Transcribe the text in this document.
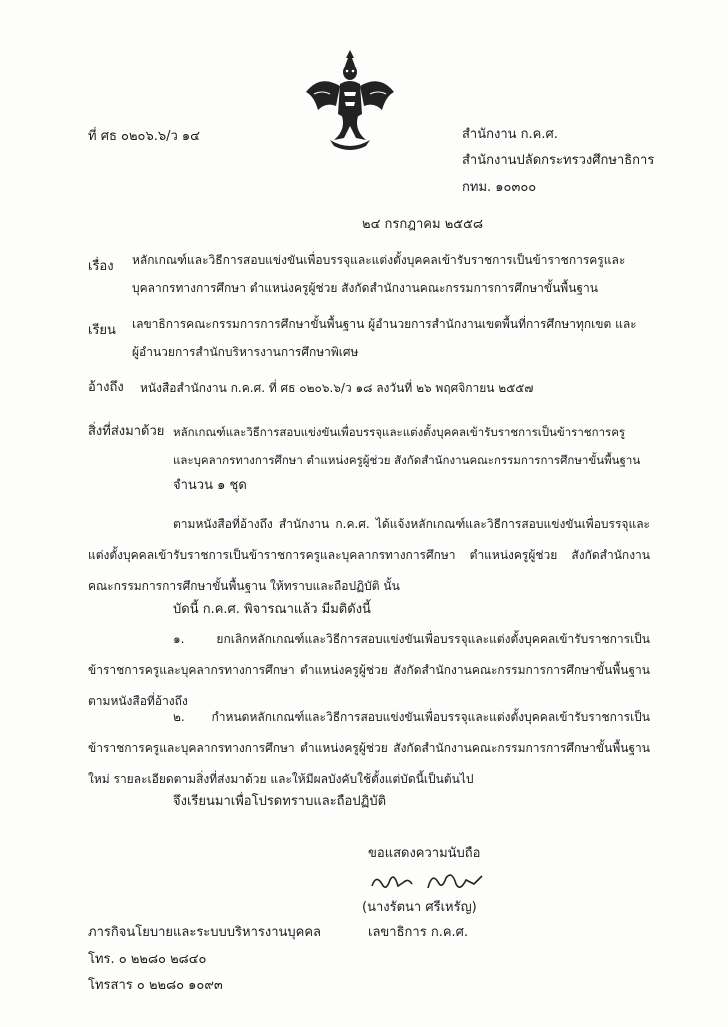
ที่ ศธ ๐๒๐๖.๖/ว ๑๔	สำนักงาน ก.ค.ศ.
สำนักงานปลัดกระทรวงศึกษาธิการ
กทม. ๑๐๓๐๐
๒๔ กรกฎาคม ๒๕๕๘
เรื่อง หลักเกณฑ์และวิธีการสอบแข่งขันเพื่อบรรจุและแต่งตั้งบุคคลเข้ารับราชการเป็นข้าราชการครูและ
บุคลากรทางการศึกษา ตำแหน่งครูผู้ช่วย สังกัดสำนักงานคณะกรรมการการศึกษาขั้นพื้นฐาน
เรียน เลขาธิการคณะกรรมการการศึกษาขั้นพื้นฐาน ผู้อำนวยการสำนักงานเขตพื้นที่การศึกษาทุกเขต และ
ผู้อำนวยการสำนักบริหารงานการศึกษาพิเศษ
อ้างถึง หนังสือสำนักงาน ก.ค.ศ. ที่ ศธ ๐๒๐๖.๖/ว ๑๘ ลงวันที่ ๒๖ พฤศจิกายน ๒๕๕๗
สิ่งที่ส่งมาด้วย หลักเกณฑ์และวิธีการสอบแข่งขันเพื่อบรรจุและแต่งตั้งบุคคลเข้ารับราชการเป็นข้าราชการครู
และบุคลากรทางการศึกษา ตำแหน่งครูผู้ช่วย สังกัดสำนักงานคณะกรรมการการศึกษาขั้นพื้นฐาน
จำนวน ๑ ชุด

ตามหนังสือที่อ้างถึง สำนักงาน ก.ค.ศ. ได้แจ้งหลักเกณฑ์และวิธีการสอบแข่งขันเพื่อบรรจุและแต่งตั้งบุคคลเข้ารับราชการเป็นข้าราชการครูและบุคลากรทางการศึกษา ตำแหน่งครูผู้ช่วย สังกัดสำนักงานคณะกรรมการการศึกษาขั้นพื้นฐาน ให้ทราบและถือปฏิบัติ นั้น

บัดนี้ ก.ค.ศ. พิจารณาแล้ว มีมติดังนี้

๑. ยกเลิกหลักเกณฑ์และวิธีการสอบแข่งขันเพื่อบรรจุและแต่งตั้งบุคคลเข้ารับราชการเป็นข้าราชการครูและบุคลากรทางการศึกษา ตำแหน่งครูผู้ช่วย สังกัดสำนักงานคณะกรรมการการศึกษาขั้นพื้นฐาน ตามหนังสือที่อ้างถึง

๒. กำหนดหลักเกณฑ์และวิธีการสอบแข่งขันเพื่อบรรจุและแต่งตั้งบุคคลเข้ารับราชการเป็นข้าราชการครูและบุคลากรทางการศึกษา ตำแหน่งครูผู้ช่วย สังกัดสำนักงานคณะกรรมการการศึกษาขั้นพื้นฐาน ใหม่ รายละเอียดตามสิ่งที่ส่งมาด้วย และให้มีผลบังคับใช้ตั้งแต่บัดนี้เป็นต้นไป

จึงเรียนมาเพื่อโปรดทราบและถือปฏิบัติ
ขอแสดงความนับถือ
(นางรัตนา ศรีเหรัญ)
เลขาธิการ ก.ค.ศ.
ภารกิจนโยบายและระบบบริหารงานบุคคล
โทร. ๐ ๒๒๘๐ ๒๘๔๐
โทรสาร ๐ ๒๒๘๐ ๑๐๙๓
